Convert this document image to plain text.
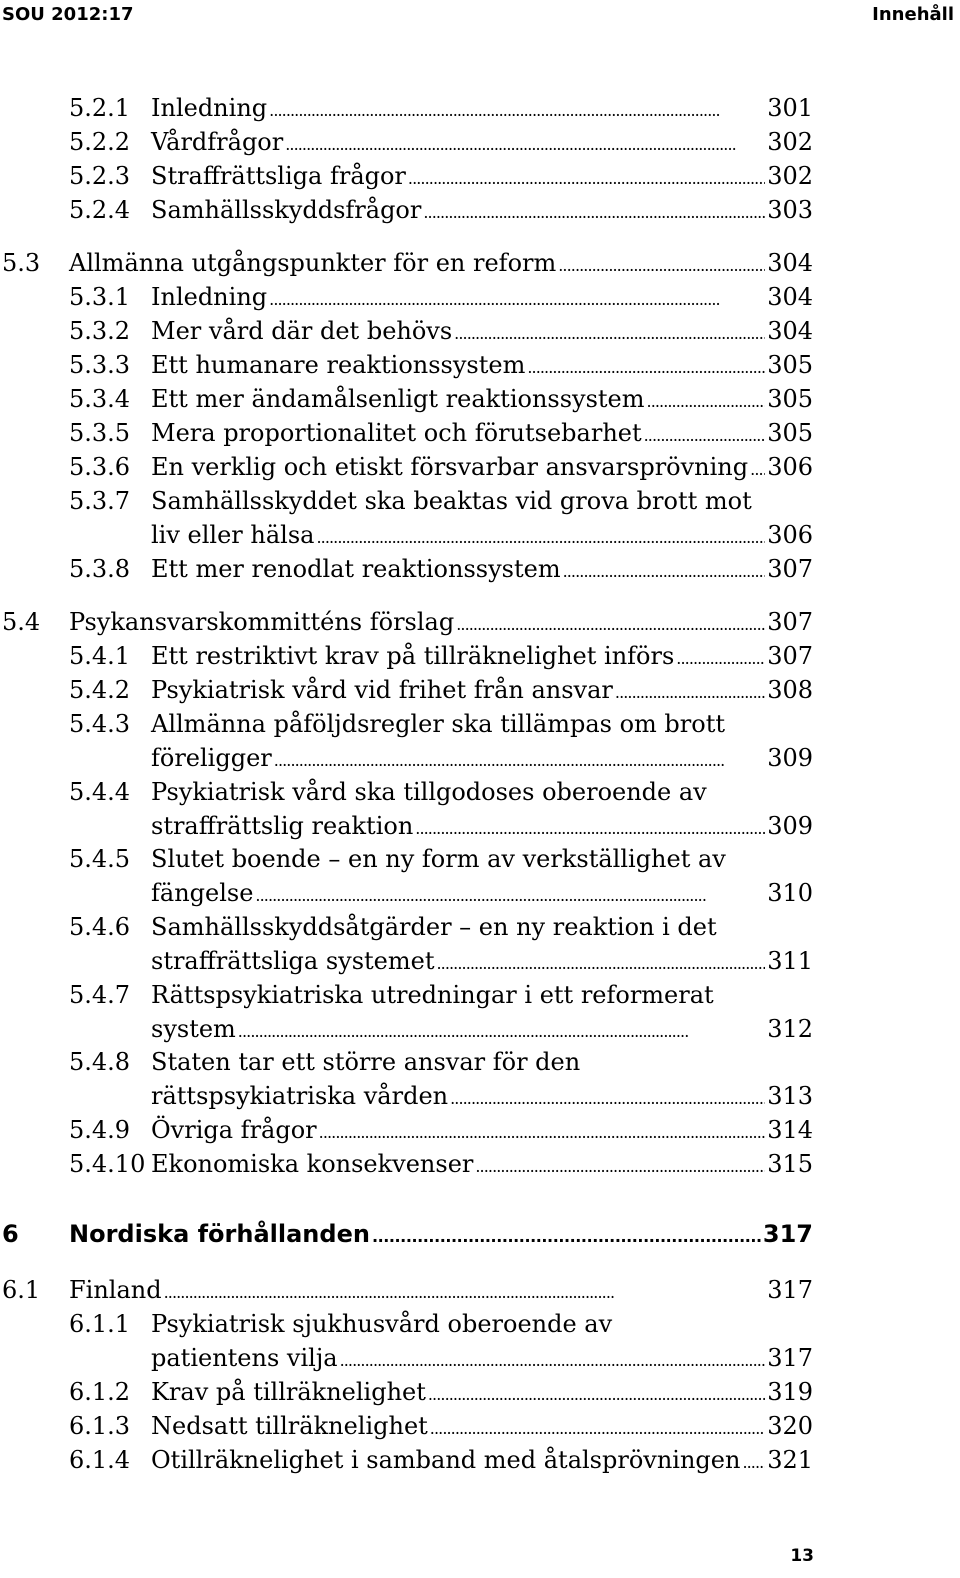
SOU 2012:17	Innehåll
5.2.1 Inledning . . .	301
5.2.2 Vårdfrågor . . .	302
5.2.3 Straffrättsliga frågor . . .	302
5.2.4 Samhällsskyddsfrågor . . .	303
5.3 Allmänna utgångspunkter för en reform . . .	304
5.3.1 Inledning . . .	304
5.3.2 Mer vård där det behövs . . .	304
5.3.3 Ett humanare reaktionssystem . . .	305
5.3.4 Ett mer ändamålsenligt reaktionssystem . . .	305
5.3.5 Mera proportionalitet och förutsebarhet . . .	305
5.3.6 En verklig och etiskt försvarbar ansvarsprövning . . . 306
5.3.7 Samhällsskyddet ska beaktas vid grova brott mot
liv eller hälsa . . .	306
5.3.8 Ett mer renodlat reaktionssystem . . .	307
5.4 Psykansvarskommitténs förslag . . .	307
5.4.1 Ett restriktivt krav på tillräknelighet införs . . .	307
5.4.2 Psykiatrisk vård vid frihet från ansvar . . .	308
5.4.3 Allmänna påföljdsregler ska tillämpas om brott
föreligger . . .	309
5.4.4 Psykiatrisk vård ska tillgodoses oberoende av
straffrättslig reaktion . . .	309
5.4.5 Slutet boende – en ny form av verkställighet av
fängelse . . .	310
5.4.6 Samhällsskyddsåtgärder – en ny reaktion i det
straffrättsliga systemet . . .	311
5.4.7 Rättspsykiatriska utredningar i ett reformerat
system . . .	312
5.4.8 Staten tar ett större ansvar för den
rättspsykiatriska vården . . .	313
5.4.9 Övriga frågor . . .	314
5.4.10 Ekonomiska konsekvenser . . .	315
6 Nordiska förhållanden . . .	317
6.1 Finland . . .	317
6.1.1 Psykiatrisk sjukhusvård oberoende av
patientens vilja . . .	317
6.1.2 Krav på tillräknelighet . . .	319
6.1.3 Nedsatt tillräknelighet . . .	320
6.1.4 Otillräknelighet i samband med åtalsprövningen . . . 321
13
